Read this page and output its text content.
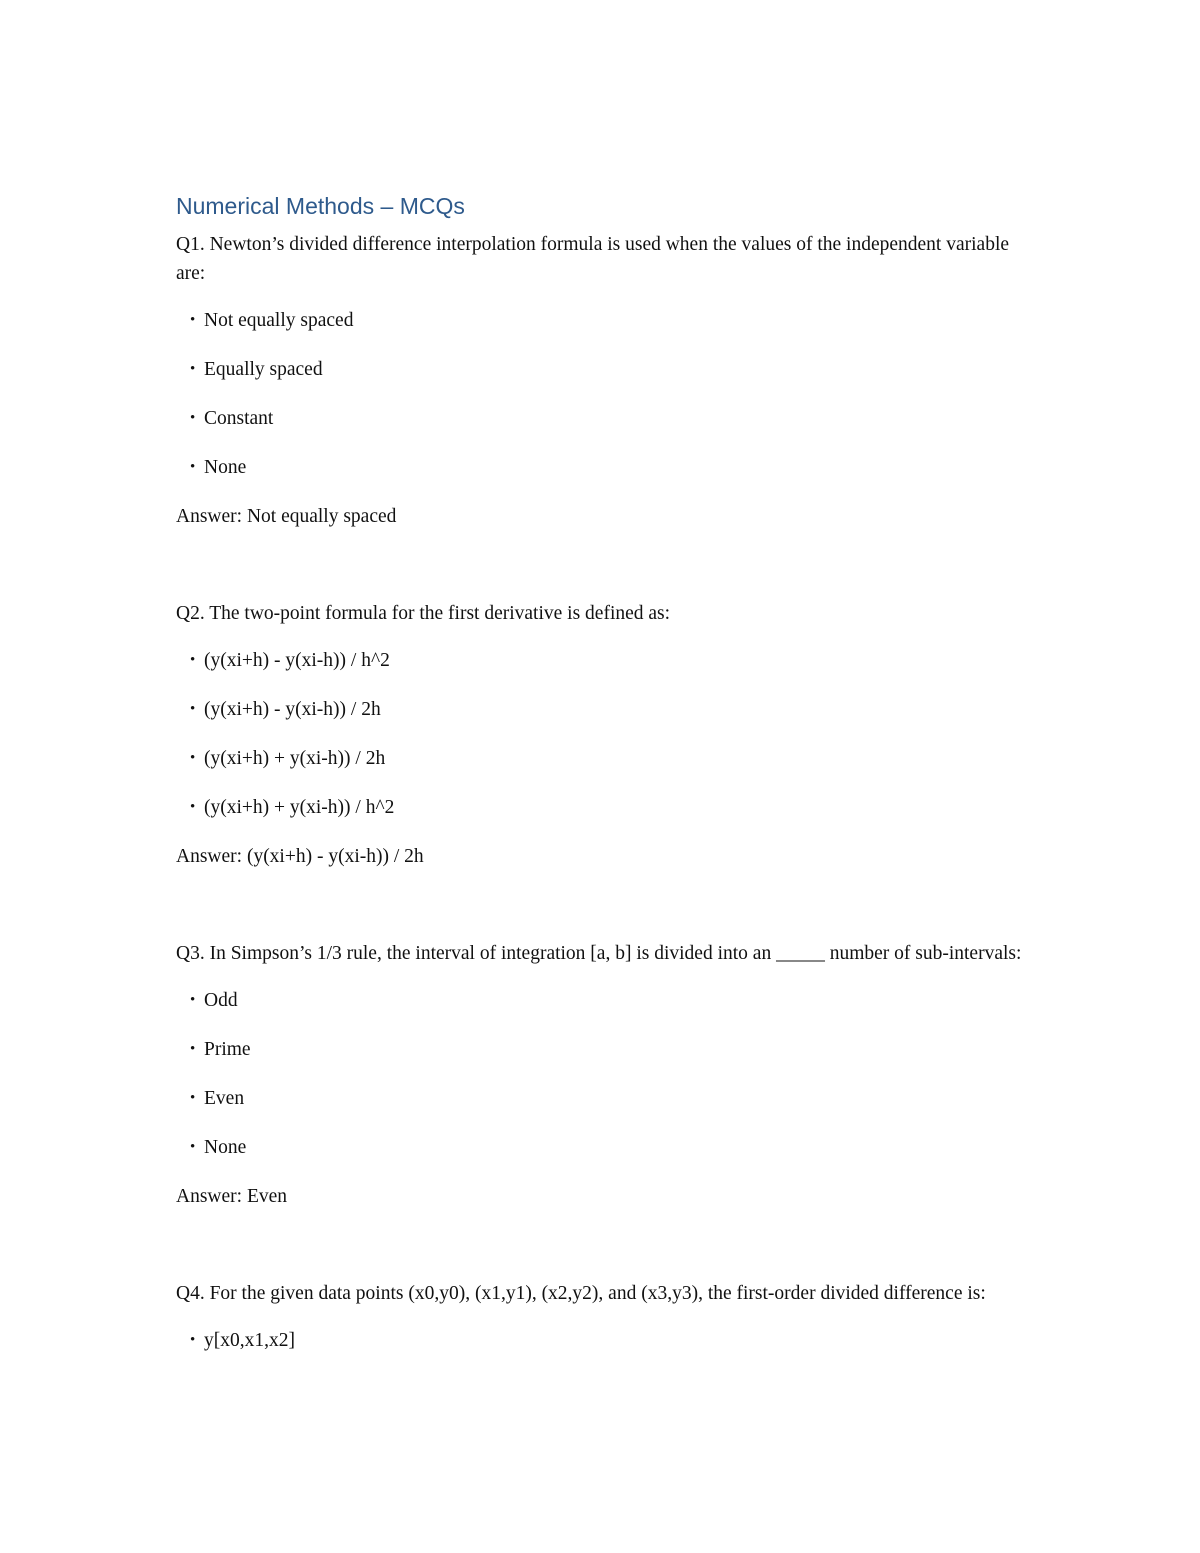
Numerical Methods – MCQs

Q1. Newton’s divided difference interpolation formula is used when the values of the independent variable are:

• Not equally spaced
• Equally spaced
• Constant
• None

Answer: Not equally spaced

Q2. The two-point formula for the first derivative is defined as:

• (y(xi+h) - y(xi-h)) / h^2
• (y(xi+h) - y(xi-h)) / 2h
• (y(xi+h) + y(xi-h)) / 2h
• (y(xi+h) + y(xi-h)) / h^2

Answer: (y(xi+h) - y(xi-h)) / 2h

Q3. In Simpson’s 1/3 rule, the interval of integration [a, b] is divided into an _____ number of sub-intervals:

• Odd
• Prime
• Even
• None

Answer: Even

Q4. For the given data points (x0,y0), (x1,y1), (x2,y2), and (x3,y3), the first-order divided difference is:

• y[x0,x1,x2]
